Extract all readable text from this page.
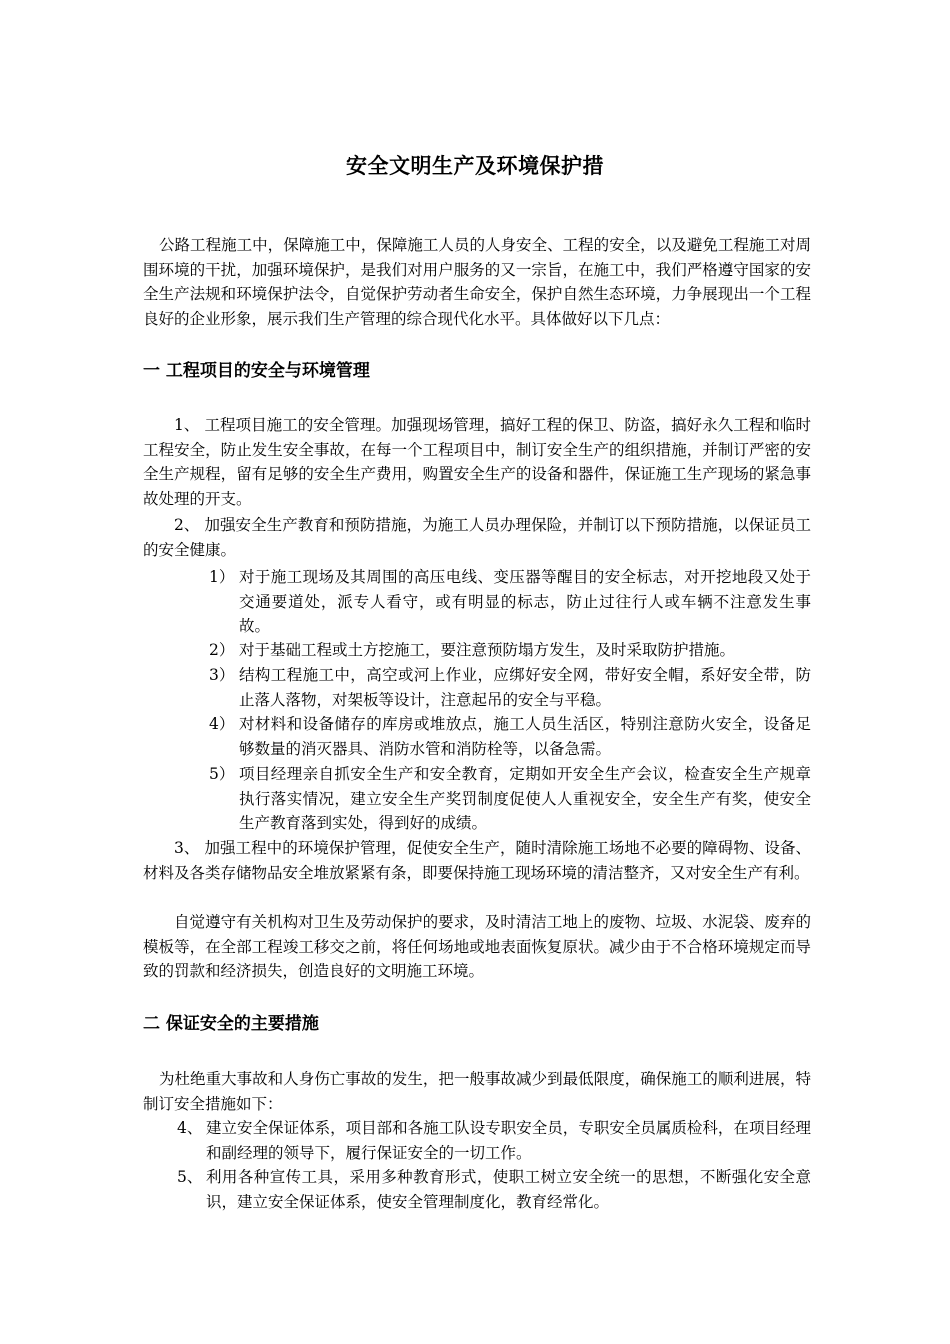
安全文明生产及环境保护措
公路工程施工中，保障施工中，保障施工人员的人身安全、工程的安全，以及避免工程施工对周围环境的干扰，加强环境保护，是我们对用户服务的又一宗旨，在施工中，我们严格遵守国家的安全生产法规和环境保护法令，自觉保护劳动者生命安全，保护自然生态环境，力争展现出一个工程良好的企业形象，展示我们生产管理的综合现代化水平。具体做好以下几点：
一 工程项目的安全与环境管理
1、 工程项目施工的安全管理。加强现场管理，搞好工程的保卫、防盗，搞好永久工程和临时工程安全，防止发生安全事故，在每一个工程项目中，制订安全生产的组织措施，并制订严密的安全生产规程，留有足够的安全生产费用，购置安全生产的设备和器件，保证施工生产现场的紧急事故处理的开支。
2、 加强安全生产教育和预防措施，为施工人员办理保险，并制订以下预防措施，以保证员工的安全健康。
1） 对于施工现场及其周围的高压电线、变压器等醒目的安全标志，对开挖地段又处于交通要道处，派专人看守，或有明显的标志，防止过往行人或车辆不注意发生事故。
2） 对于基础工程或土方挖施工，要注意预防塌方发生，及时采取防护措施。
3） 结构工程施工中，高空或河上作业，应绑好安全网，带好安全帽，系好安全带，防止落人落物，对架板等设计，注意起吊的安全与平稳。
4） 对材料和设备储存的库房或堆放点，施工人员生活区，特别注意防火安全，设备足够数量的消灭器具、消防水管和消防栓等，以备急需。
5） 项目经理亲自抓安全生产和安全教育，定期如开安全生产会议，检查安全生产规章执行落实情况，建立安全生产奖罚制度促使人人重视安全，安全生产有奖，使安全生产教育落到实处，得到好的成绩。
3、 加强工程中的环境保护管理，促使安全生产，随时清除施工场地不必要的障碍物、设备、材料及各类存储物品安全堆放紧紧有条，即要保持施工现场环境的清洁整齐，又对安全生产有利。
自觉遵守有关机构对卫生及劳动保护的要求，及时清洁工地上的废物、垃圾、水泥袋、废弃的模板等，在全部工程竣工移交之前，将任何场地或地表面恢复原状。减少由于不合格环境规定而导致的罚款和经济损失，创造良好的文明施工环境。
二 保证安全的主要措施
为杜绝重大事故和人身伤亡事故的发生，把一般事故减少到最低限度，确保施工的顺利进展，特制订安全措施如下：
4、 建立安全保证体系，项目部和各施工队设专职安全员，专职安全员属质检科，在项目经理和副经理的领导下，履行保证安全的一切工作。
5、 利用各种宣传工具，采用多种教育形式，使职工树立安全统一的思想，不断强化安全意识，建立安全保证体系，使安全管理制度化，教育经常化。
